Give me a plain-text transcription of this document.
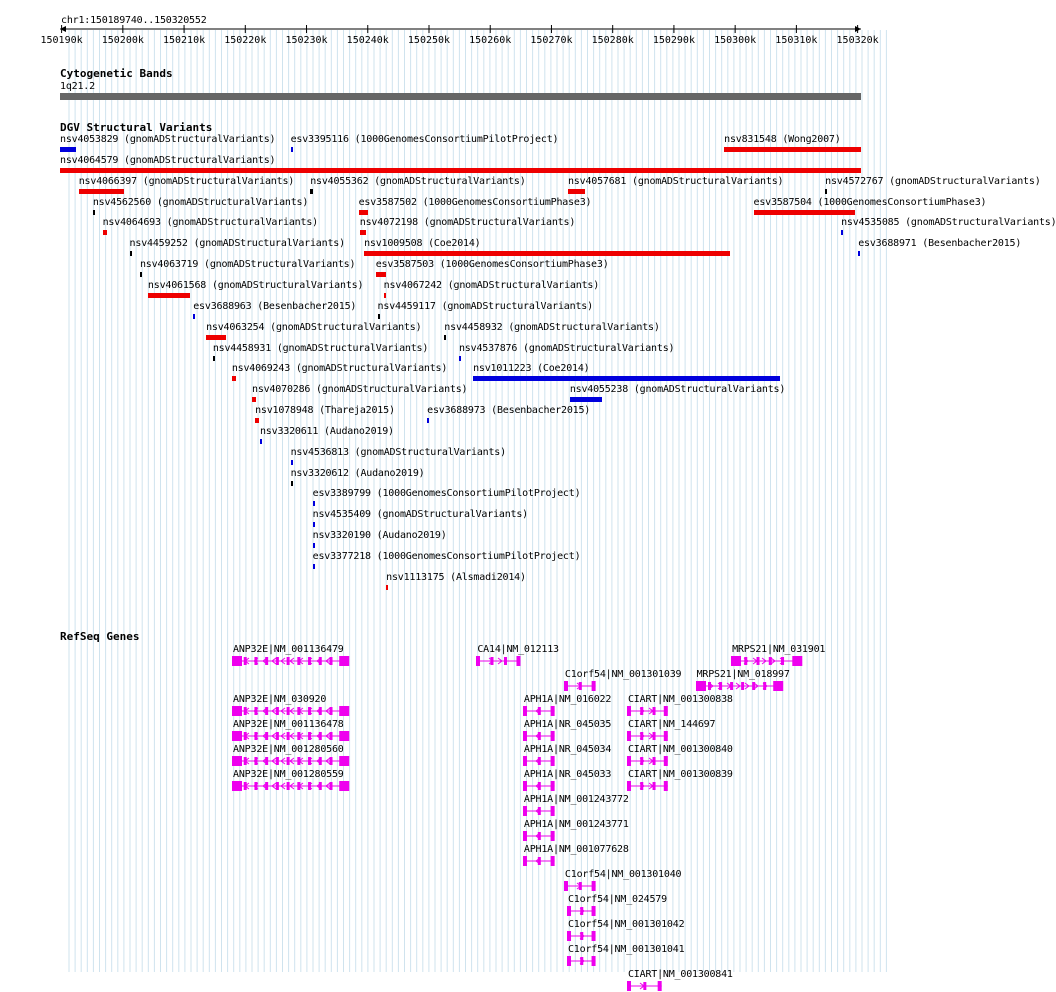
chr1:150189740..150320552
150190k 150200k 150210k 150220k 150230k 150240k 150250k 150260k 150270k 150280k 150290k 150300k 150310k 150320k
Cytogenetic Bands
1q21.2
DGV Structural Variants
nsv4053829 (gnomADStructuralVariants) esv3395116 (1000GenomesConsortiumPilotProject)	nsv831548 (Wong2007)
nsv4064579 (gnomADStructuralVariants)
nsv4066397 (gnomADStructuralVariants) nsv4055362 (gnomADStructuralVariants)	nsv4057681 (gnomADStructuralVariants)	nsv4572767 (gnomADStructuralVariants)
nsv4562560 (gnomADStructuralVariants)	esv3587502 (1000GenomesConsortiumPhase3)	esv3587504 (1000GenomesConsortiumPhase3)
nsv4064693 (gnomADStructuralVariants)	nsv4072198 (gnomADStructuralVariants)	nsv4535085 (gnomADStructuralVariants)
nsv4459252 (gnomADStructuralVariants) nsv1009508 (Coe2014)	esv3688971 (Besenbacher2015)
nsv4063719 (gnomADStructuralVariants) esv3587503 (1000GenomesConsortiumPhase3)
nsv4061568 (gnomADStructuralVariants) nsv4067242 (gnomADStructuralVariants)
esv3688963 (Besenbacher2015) nsv4459117 (gnomADStructuralVariants)
nsv4063254 (gnomADStructuralVariants) nsv4458932 (gnomADStructuralVariants)
nsv4458931 (gnomADStructuralVariants)	nsv4537876 (gnomADStructuralVariants)
nsv4069243 (gnomADStructuralVariants)	nsv1011223 (Coe2014)
nsv4070286 (gnomADStructuralVariants)	nsv4055238 (gnomADStructuralVariants)
nsv1078948 (Thareja2015)	esv3688973 (Besenbacher2015)
nsv3320611 (Audano2019)
nsv4536813 (gnomADStructuralVariants)
nsv3320612 (Audano2019)
esv3389799 (1000GenomesConsortiumPilotProject)
nsv4535409 (gnomADStructuralVariants)
nsv3320190 (Audano2019)
esv3377218 (1000GenomesConsortiumPilotProject)
nsv1113175 (Alsmadi2014)
RefSeq Genes
ANP32E|NM_001136479	CA14|NM_012113
C1orf54|NM_001301039
MRPS21|NM_031901
ANP32E|NM_030920	APH1A|NM_016022 CIART|NM_001300838
ANP32E|NM_001136478	APH1A|NR_045035 CIART|NM_144697
ANP32E|NM_001280560	APH1A|NR_045034 CIART|NM_001300840
ANP32E|NM_001280559	APH1A|NR_045033 CIART|NM_001300839
APH1A|NM_001243772
MRPS21|NM_018997
APH1A|NM_001243771
APH1A|NM_001077628
C1orf54|NM_001301040
C1orf54|NM_024579
C1orf54|NM_001301042
C1orf54|NM_001301041
CIART|NM_001300841
